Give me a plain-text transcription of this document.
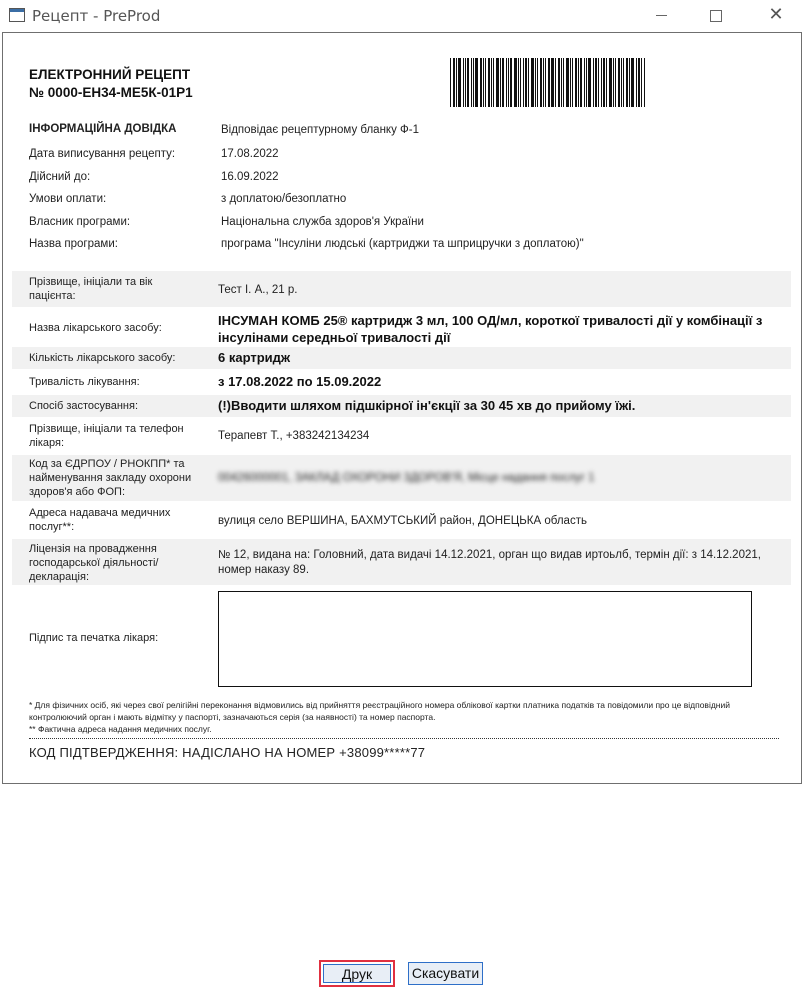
Рецепт - PreProd	✕
ЕЛЕКТРОННИЙ РЕЦЕПТ
№ 0000-ЕН34-МЕ5К-01Р1
ІНФОРМАЦІЙНА ДОВІДКА	Відповідає рецептурному бланку Ф-1
Дата виписування рецепту:	17.08.2022
Дійсний до:	16.09.2022
Умови оплати:	з доплатою/безоплатно
Власник програми:	Національна служба здоров'я України
Назва програми:	програма "Інсуліни людські (картриджи та шприцручки з доплатою)"
Прізвище, ініціали та вік пацієнта:	Тест І. А., 21 р.
Назва лікарського засобу:	ІНСУМАН КОМБ 25® картридж 3 мл, 100 ОД/мл, короткої тривалості дії у комбінації з інсулінами середньої тривалості дії
Кількість лікарського засобу:	6 картридж
Тривалість лікування:	з 17.08.2022 по 15.09.2022
Спосіб застосування:	(!)Вводити шляхом підшкірної ін'єкції за 30 45 хв до прийому їжі.
Прізвище, ініціали та телефон лікаря:
Терапевт Т., +383242134234
Код за ЄДРПОУ / РНОКПП* та найменування закладу охорони здоров'я або ФОП:
00426000001, ЗАКЛАД ОХОРОНИ ЗДОРОВ'Я, Місце надання послуг 1
Адреса надавача медичних послуг**:	вулиця село ВЕРШИНА, БАХМУТСЬКИЙ район, ДОНЕЦЬКА область
Ліцензія на провадження господарської діяльності/декларація:
№ 12, видана на: Головний, дата видачі 14.12.2021, орган що видав иртоьлб, термін дії: з 14.12.2021, номер наказу 89.
Підпис та печатка лікаря:
* Для фізичних осіб, які через свої релігійні переконання відмовились від прийняття реєстраційного номера облікової картки платника податків та повідомили про це відповідний контролюючий орган і мають відмітку у паспорті, зазначаються серія (за наявності) та номер паспорта.
** Фактична адреса надання медичних послуг.
КОД ПІДТВЕРДЖЕННЯ: НАДІСЛАНО НА НОМЕР +38099*****77
Друк	Скасувати
